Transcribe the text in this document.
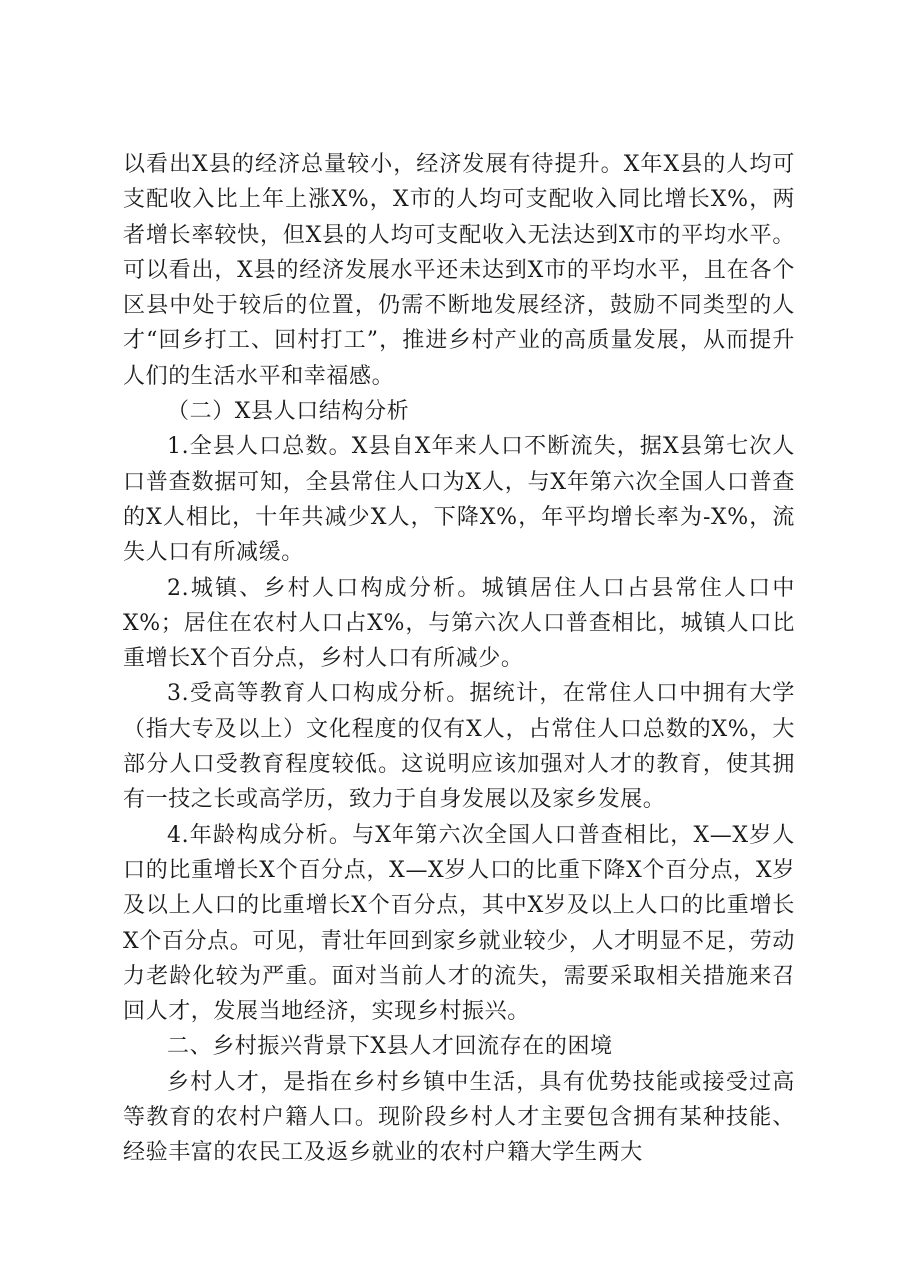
以看出X县的经济总量较小，经济发展有待提升。X年X县的人均可支配收入比上年上涨X%，X市的人均可支配收入同比增长X%，两者增长率较快，但X县的人均可支配收入无法达到X市的平均水平。可以看出，X县的经济发展水平还未达到X市的平均水平，且在各个区县中处于较后的位置，仍需不断地发展经济，鼓励不同类型的人才“回乡打工、回村打工”，推进乡村产业的高质量发展，从而提升人们的生活水平和幸福感。

（二）X县人口结构分析

1.全县人口总数。X县自X年来人口不断流失，据X县第七次人口普查数据可知，全县常住人口为X人，与X年第六次全国人口普查的X人相比，十年共减少X人，下降X%，年平均增长率为-X%，流失人口有所减缓。

2.城镇、乡村人口构成分析。城镇居住人口占县常住人口中X%；居住在农村人口占X%，与第六次人口普查相比，城镇人口比重增长X个百分点，乡村人口有所减少。

3.受高等教育人口构成分析。据统计，在常住人口中拥有大学（指大专及以上）文化程度的仅有X人，占常住人口总数的X%，大部分人口受教育程度较低。这说明应该加强对人才的教育，使其拥有一技之长或高学历，致力于自身发展以及家乡发展。

4.年龄构成分析。与X年第六次全国人口普查相比，X—X岁人口的比重增长X个百分点，X—X岁人口的比重下降X个百分点，X岁及以上人口的比重增长X个百分点，其中X岁及以上人口的比重增长X个百分点。可见，青壮年回到家乡就业较少，人才明显不足，劳动力老龄化较为严重。面对当前人才的流失，需要采取相关措施来召回人才，发展当地经济，实现乡村振兴。

二、乡村振兴背景下X县人才回流存在的困境

乡村人才，是指在乡村乡镇中生活，具有优势技能或接受过高等教育的农村户籍人口。现阶段乡村人才主要包含拥有某种技能、经验丰富的农民工及返乡就业的农村户籍大学生两大
